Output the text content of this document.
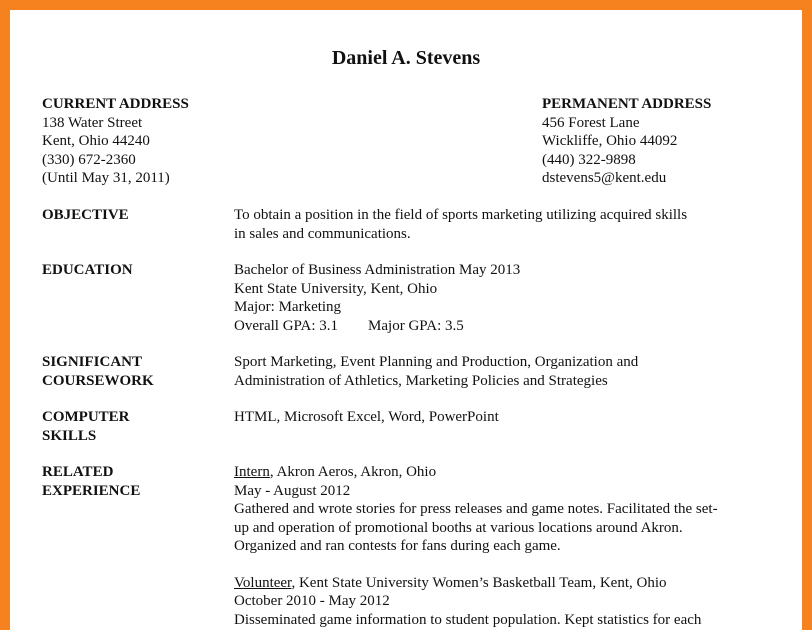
Daniel A. Stevens
CURRENT ADDRESS
138 Water Street
Kent, Ohio 44240
(330) 672-2360
(Until May 31, 2011)
PERMANENT ADDRESS
456 Forest Lane
Wickliffe, Ohio 44092
(440) 322-9898
dstevens5@kent.edu
OBJECTIVE	To obtain a position in the field of sports marketing utilizing acquired skills
in sales and communications.
EDUCATION	Bachelor of Business Administration May 2013
Kent State University, Kent, Ohio
Major: Marketing
Overall GPA: 3.1 Major GPA: 3.5
SIGNIFICANT
COURSEWORK
Sport Marketing, Event Planning and Production, Organization and
Administration of Athletics, Marketing Policies and Strategies
COMPUTER
SKILLS
HTML, Microsoft Excel, Word, PowerPoint
RELATED
EXPERIENCE
Intern, Akron Aeros, Akron, Ohio
May - August 2012
Gathered and wrote stories for press releases and game notes. Facilitated the set-
up and operation of promotional booths at various locations around Akron.
Organized and ran contests for fans during each game.
Volunteer, Kent State University Women’s Basketball Team, Kent, Ohio
October 2010 - May 2012
Disseminated game information to student population. Kept statistics for each
